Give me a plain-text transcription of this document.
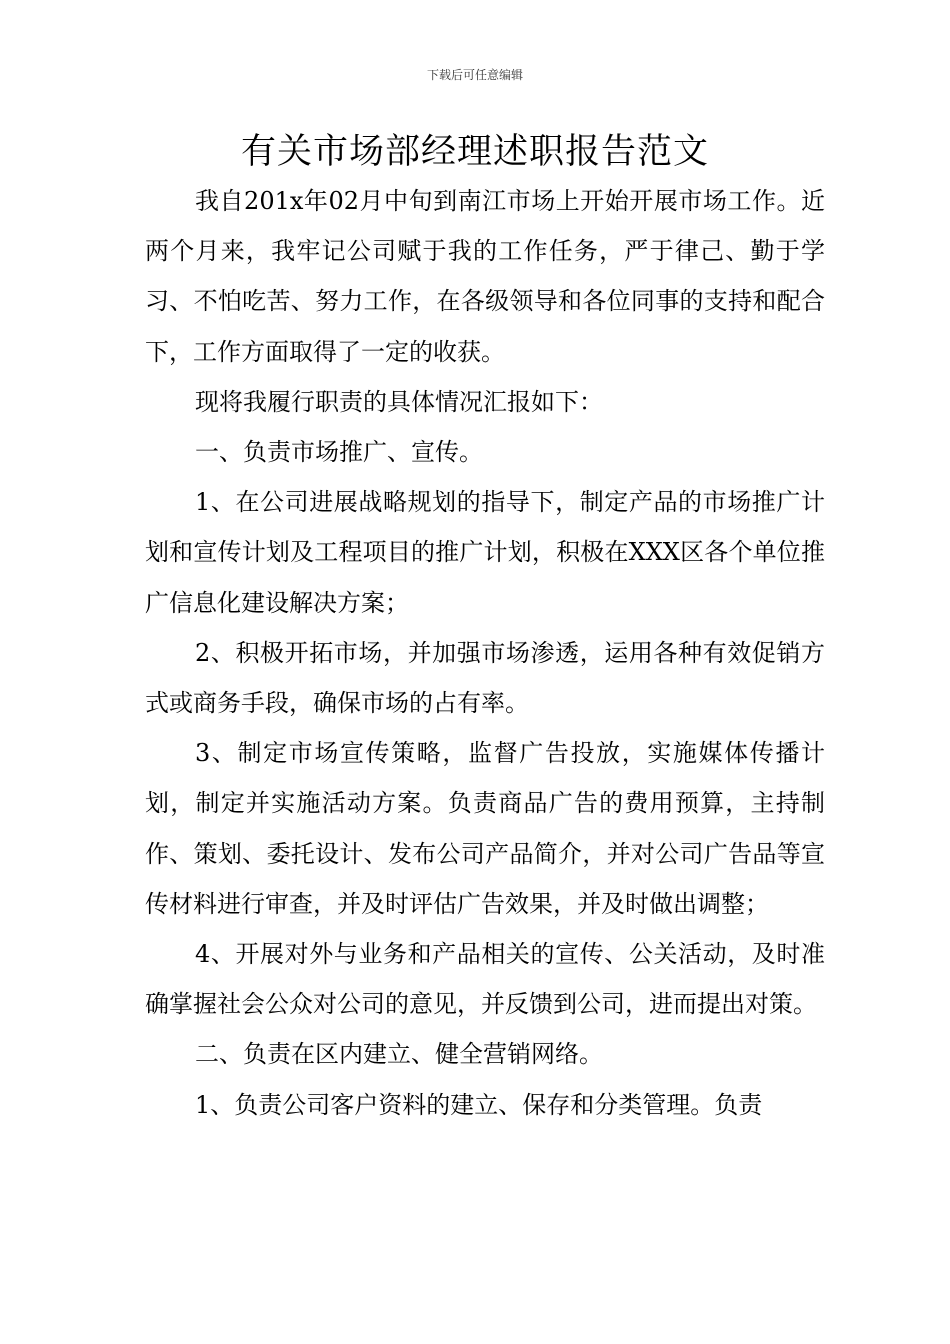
下载后可任意编辑
有关市场部经理述职报告范文

我自201x年02月中旬到南江市场上开始开展市场工作。近两个月来，我牢记公司赋于我的工作任务，严于律己、勤于学习、不怕吃苦、努力工作，在各级领导和各位同事的支持和配合下，工作方面取得了一定的收获。

现将我履行职责的具体情况汇报如下：

一、负责市场推广、宣传。

1、在公司进展战略规划的指导下，制定产品的市场推广计划和宣传计划及工程项目的推广计划，积极在XXX区各个单位推广信息化建设解决方案；

2、积极开拓市场，并加强市场渗透，运用各种有效促销方式或商务手段，确保市场的占有率。

3、制定市场宣传策略，监督广告投放，实施媒体传播计划，制定并实施活动方案。负责商品广告的费用预算，主持制作、策划、委托设计、发布公司产品简介，并对公司广告品等宣传材料进行审查，并及时评估广告效果，并及时做出调整；

4、开展对外与业务和产品相关的宣传、公关活动，及时准确掌握社会公众对公司的意见，并反馈到公司，进而提出对策。

二、负责在区内建立、健全营销网络。

1、负责公司客户资料的建立、保存和分类管理。负责
